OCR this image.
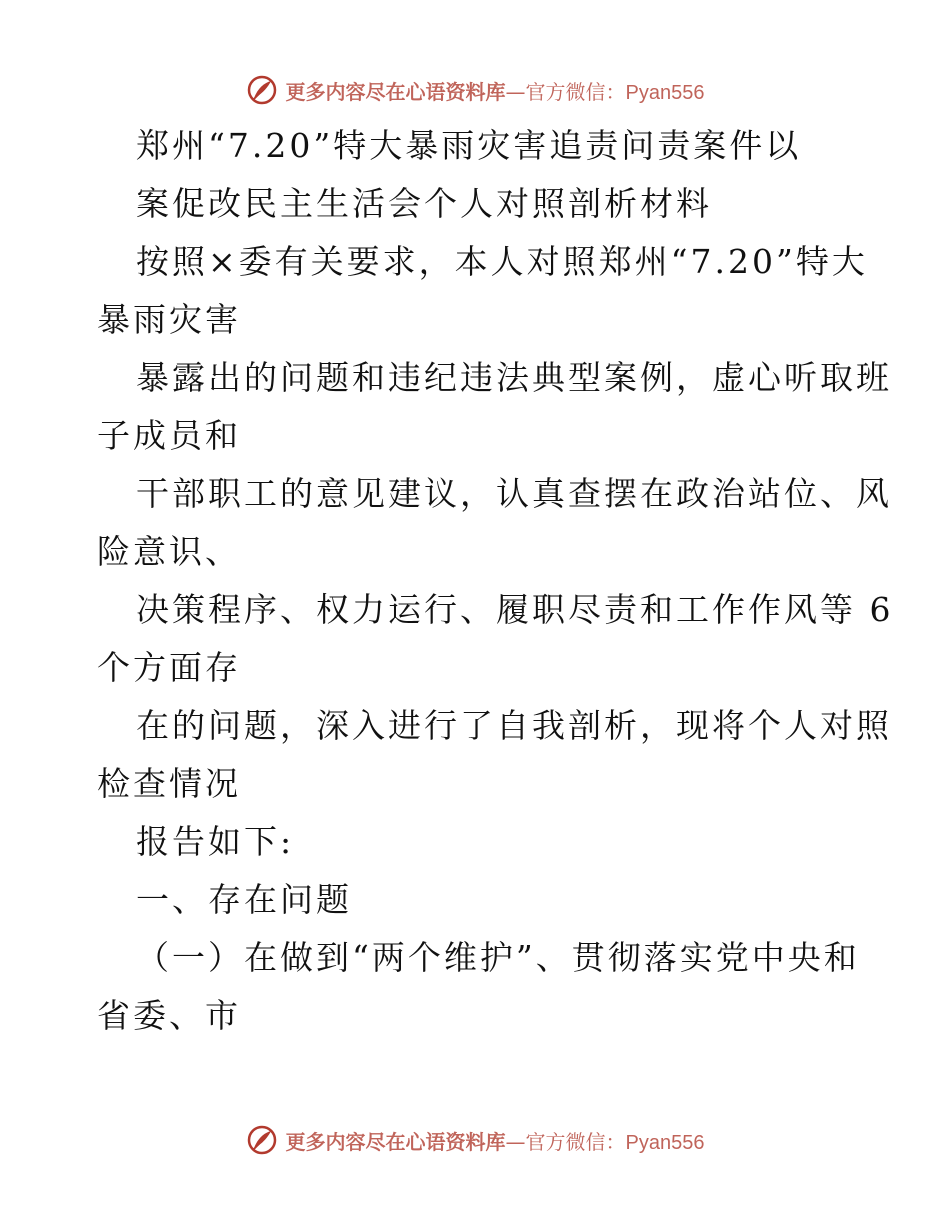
更多内容尽在心语资料库—官方微信：Pyan556
郑州“7.20”特大暴雨灾害追责问责案件以
案促改民主生活会个人对照剖析材料
按照×委有关要求，本人对照郑州“7.20”特大
暴雨灾害
暴露出的问题和违纪违法典型案例，虚心听取班
子成员和
干部职工的意见建议，认真查摆在政治站位、风
险意识、
决策程序、权力运行、履职尽责和工作作风等 6
个方面存
在的问题，深入进行了自我剖析，现将个人对照
检查情况
报告如下:
一、存在问题
（一）在做到“两个维护”、贯彻落实党中央和
省委、市
更多内容尽在心语资料库—官方微信：Pyan556
